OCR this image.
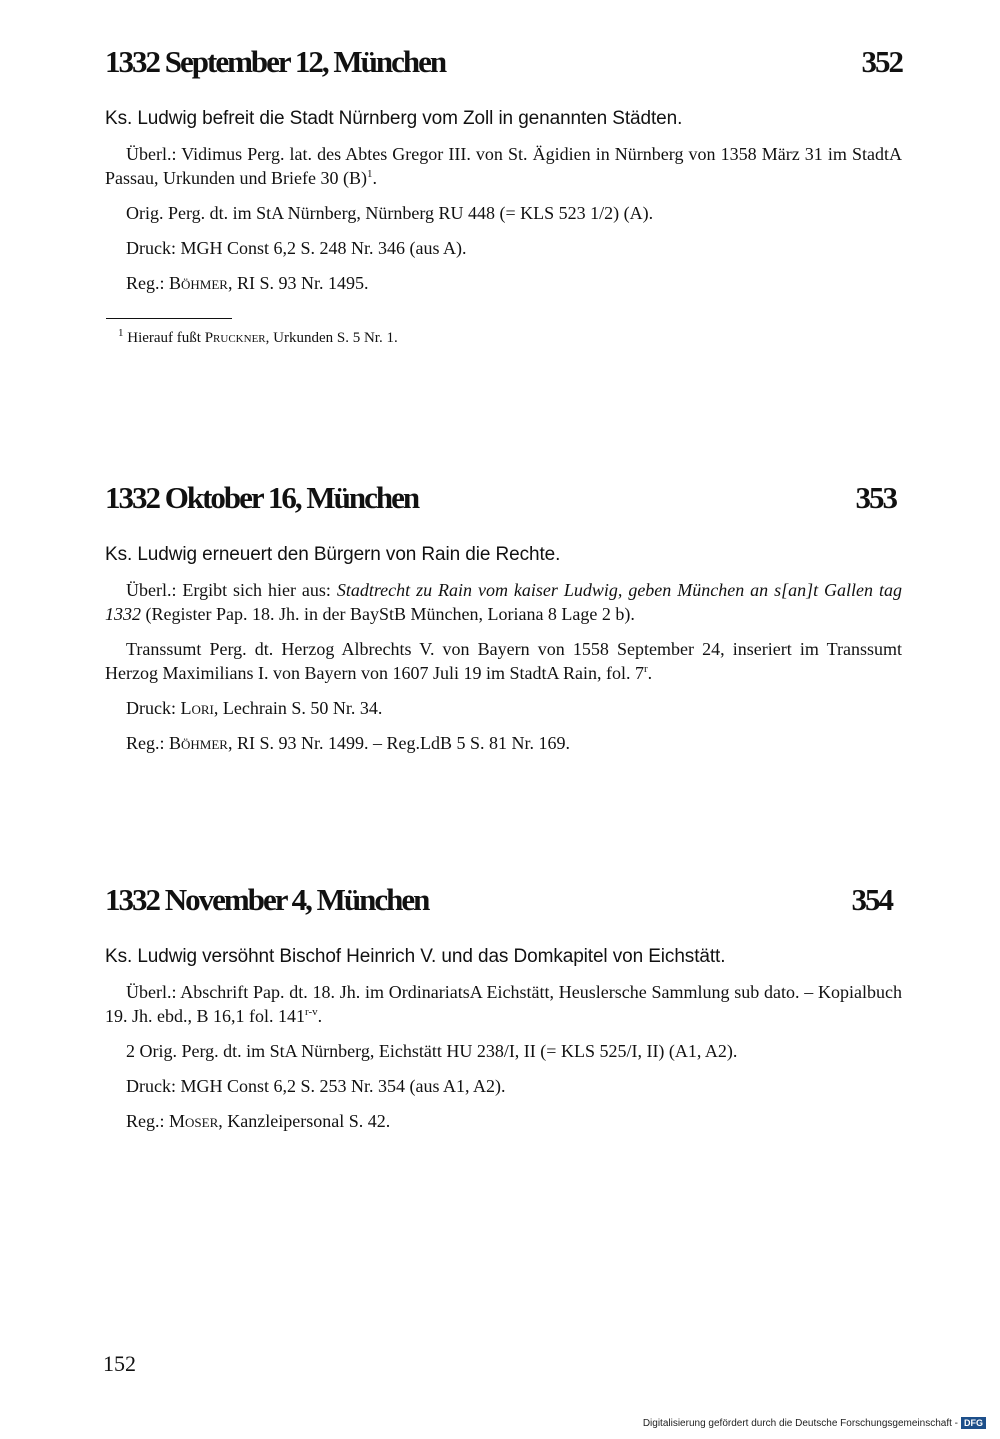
1332 September 12, München	352
Ks. Ludwig befreit die Stadt Nürnberg vom Zoll in genannten Städten.

Überl.: Vidimus Perg. lat. des Abtes Gregor III. von St. Ägidien in Nürnberg von 1358 März 31 im StadtA Passau, Urkunden und Briefe 30 $(B)^1$.

Orig. Perg. dt. im StA Nürnberg, Nürnberg RU 448 (= KLS 523 1/2) (A).

Druck: MGH Const 6,2 S. 248 Nr. 346 (aus A).

Reg.: Böhmer, RI S. 93 Nr. 1495.

$^1$ Hierauf fußt Pruckner, Urkunden S. 5 Nr. 1.
1332 Oktober 16, München	353
Ks. Ludwig erneuert den Bürgern von Rain die Rechte.

Überl.: Ergibt sich hier aus: Stadtrecht zu Rain vom kaiser Ludwig, geben München an s[an]t Gallen tag 1332 (Register Pap. 18. Jh. in der BayStB München, Loriana 8 Lage 2 b).

Transsumt Perg. dt. Herzog Albrechts V. von Bayern von 1558 September 24, inseriert im Transsumt Herzog Maximilians I. von Bayern von 1607 Juli 19 im StadtA Rain, fol. 7$^r$.

Druck: Lori, Lechrain S. 50 Nr. 34.

Reg.: Böhmer, RI S. 93 Nr. 1499. – Reg.LdB 5 S. 81 Nr. 169.

1332 November 4, München	354
Ks. Ludwig versöhnt Bischof Heinrich V. und das Domkapitel von Eichstätt.

Überl.: Abschrift Pap. dt. 18. Jh. im OrdinariatsA Eichstätt, Heuslersche Sammlung sub dato. – Kopialbuch 19. Jh. ebd., B 16,1 fol. 141$^{r-v}$.

2 Orig. Perg. dt. im StA Nürnberg, Eichstätt HU 238/I, II (= KLS 525/I, II) (A1, A2).

Druck: MGH Const 6,2 S. 253 Nr. 354 (aus A1, A2).

Reg.: Moser, Kanzleipersonal S. 42.

152
Digitalisierung gefördert durch die Deutsche Forschungsgemeinschaft - DFG
